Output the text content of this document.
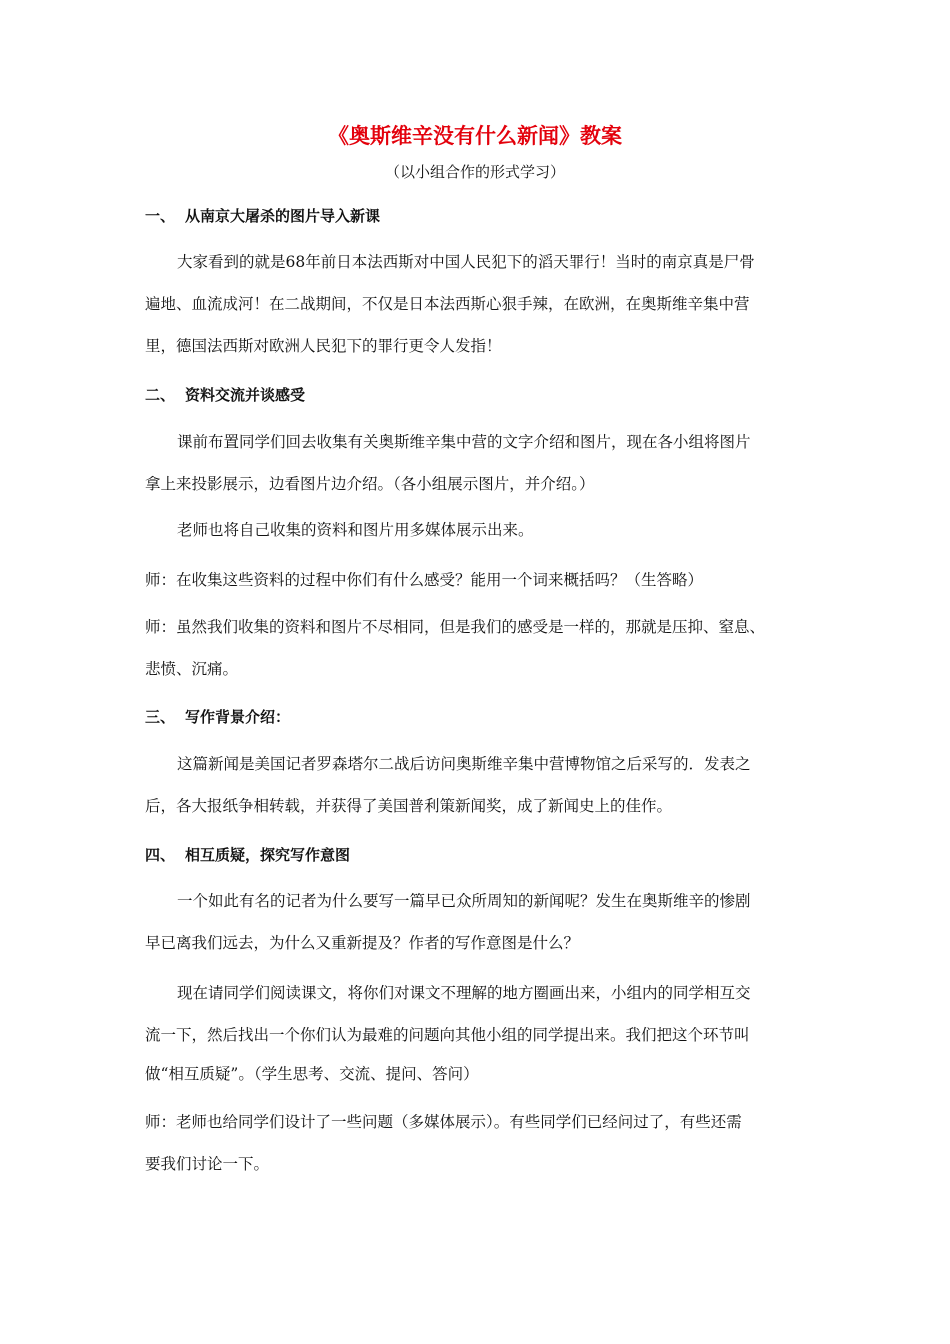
《奥斯维辛没有什么新闻》教案
（以小组合作的形式学习）
一、 从南京大屠杀的图片导入新课
大家看到的就是68年前日本法西斯对中国人民犯下的滔天罪行！当时的南京真是尸骨
遍地、血流成河！在二战期间，不仅是日本法西斯心狠手辣，在欧洲，在奥斯维辛集中营
里，德国法西斯对欧洲人民犯下的罪行更令人发指！
二、 资料交流并谈感受
课前布置同学们回去收集有关奥斯维辛集中营的文字介绍和图片，现在各小组将图片
拿上来投影展示，边看图片边介绍。（各小组展示图片，并介绍。）
老师也将自己收集的资料和图片用多媒体展示出来。
师：在收集这些资料的过程中你们有什么感受？能用一个词来概括吗？（生答略）
师：虽然我们收集的资料和图片不尽相同，但是我们的感受是一样的，那就是压抑、窒息、
悲愤、沉痛。
三、 写作背景介绍：
这篇新闻是美国记者罗森塔尔二战后访问奥斯维辛集中营博物馆之后采写的．发表之
后，各大报纸争相转载，并获得了美国普利策新闻奖，成了新闻史上的佳作。
四、 相互质疑，探究写作意图
一个如此有名的记者为什么要写一篇早已众所周知的新闻呢？发生在奥斯维辛的惨剧
早已离我们远去，为什么又重新提及？作者的写作意图是什么？
现在请同学们阅读课文，将你们对课文不理解的地方圈画出来，小组内的同学相互交
流一下，然后找出一个你们认为最难的问题向其他小组的同学提出来。我们把这个环节叫
做“相互质疑”。（学生思考、交流、提问、答问）
师：老师也给同学们设计了一些问题（多媒体展示）。有些同学们已经问过了，有些还需
要我们讨论一下。
